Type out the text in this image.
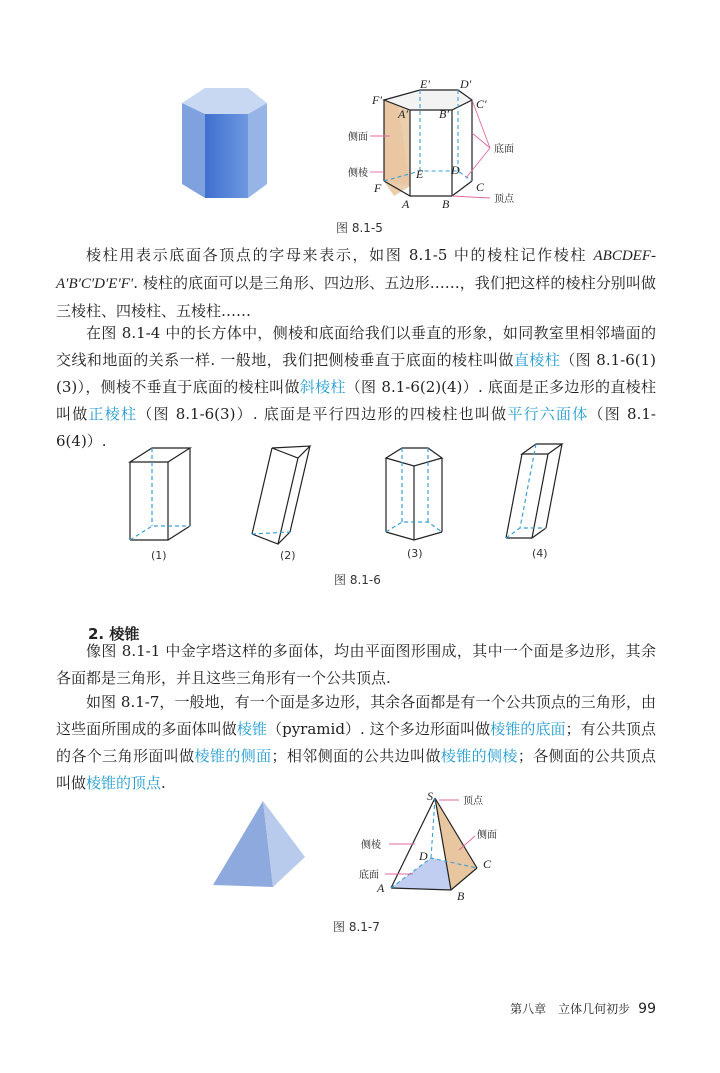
E′	D′
F′
A′	B′
C′
E D
F	C
A	B
侧面
侧棱
底面
顶点
图 8.1-5
棱柱用表示底面各顶点的字母来表示，如图 8.1-5 中的棱柱记作棱柱 ABCDEF-A′B′C′D′E′F′. 棱柱的底面可以是三角形、四边形、五边形……，我们把这样的棱柱分别叫做三棱柱、四棱柱、五棱柱……
在图 8.1-4 中的长方体中，侧棱和底面给我们以垂直的形象，如同教室里相邻墙面的交线和地面的关系一样. 一般地，我们把侧棱垂直于底面的棱柱叫做直棱柱（图 8.1-6(1)(3)），侧棱不垂直于底面的棱柱叫做斜棱柱（图 8.1-6(2)(4)）. 底面是正多边形的直棱柱叫做正棱柱（图 8.1-6(3)）. 底面是平行四边形的四棱柱也叫做平行六面体（图 8.1-6(4)）.
(1)	(2)	(3)	(4)
图 8.1-6
2. 棱锥
像图 8.1-1 中金字塔这样的多面体，均由平面图形围成，其中一个面是多边形，其余各面都是三角形，并且这些三角形有一个公共顶点.
如图 8.1-7，一般地，有一个面是多边形，其余各面都是有一个公共顶点的三角形，由这些面所围成的多面体叫做棱锥（pyramid）. 这个多边形面叫做棱锥的底面；有公共顶点的各个三角形面叫做棱锥的侧面；相邻侧面的公共边叫做棱锥的侧棱；各侧面的公共顶点叫做棱锥的顶点.
S
D
C
A
B
顶点
侧面
侧棱
底面
图 8.1-7
第八章　立体几何初步 99
